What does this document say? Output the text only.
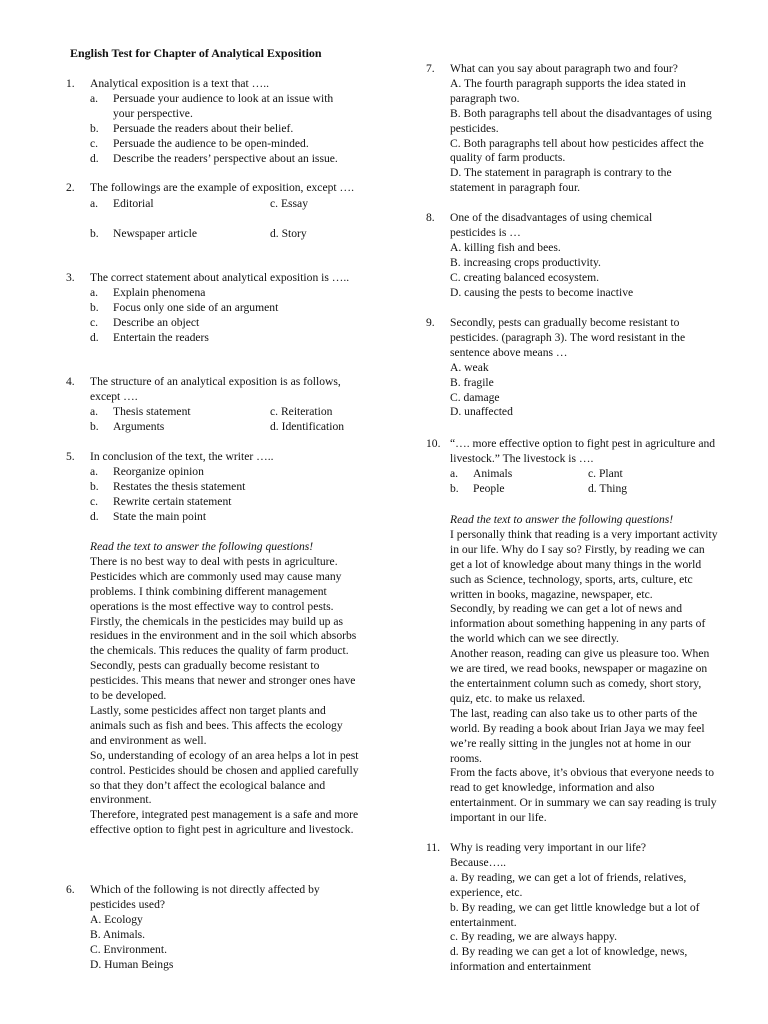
English Test for Chapter of Analytical Exposition
1. Analytical exposition is a text that …..
a. Persuade your audience to look at an issue with your perspective.
b. Persuade the readers about their belief.
c. Persuade the audience to be open-minded.
d. Describe the readers’ perspective about an issue.
2. The followings are the example of exposition, except ….
a. Editorial	c. Essay
b. Newspaper article	d. Story
3. The correct statement about analytical exposition is …..
a. Explain phenomena
b. Focus only one side of an argument
c. Describe an object
d. Entertain the readers
4. The structure of an analytical exposition is as follows, except ….
a. Thesis statement	c. Reiteration
b. Arguments	d. Identification
5. In conclusion of the text, the writer …..
a. Reorganize opinion
b. Restates the thesis statement
c. Rewrite certain statement
d. State the main point
Read the text to answer the following questions!
There is no best way to deal with pests in agriculture. Pesticides which are commonly used may cause many problems. I think combining different management operations is the most effective way to control pests.
Firstly, the chemicals in the pesticides may build up as residues in the environment and in the soil which absorbs the chemicals. This reduces the quality of farm product.
Secondly, pests can gradually become resistant to pesticides. This means that newer and stronger ones have to be developed.
Lastly, some pesticides affect non target plants and animals such as fish and bees. This affects the ecology and environment as well.
So, understanding of ecology of an area helps a lot in pest control. Pesticides should be chosen and applied carefully so that they don’t affect the ecological balance and environment.
Therefore, integrated pest management is a safe and more effective option to fight pest in agriculture and livestock.
6. Which of the following is not directly affected by pesticides used?
A. Ecology
B. Animals.
C. Environment.
D. Human Beings
7. What can you say about paragraph two and four?
A. The fourth paragraph supports the idea stated in paragraph two.
B. Both paragraphs tell about the disadvantages of using pesticides.
C. Both paragraphs tell about how pesticides affect the quality of farm products.
D. The statement in paragraph is contrary to the statement in paragraph four.
8. One of the disadvantages of using chemical pesticides is …
A. killing fish and bees.
B. increasing crops productivity.
C. creating balanced ecosystem.
D. causing the pests to become inactive
9. Secondly, pests can gradually become resistant to pesticides. (paragraph 3). The word resistant in the sentence above means …
A. weak
B. fragile
C. damage
D. unaffected
10. “…. more effective option to fight pest in agriculture and livestock.” The livestock is ….
a. Animals	c. Plant
b. People	d. Thing
Read the text to answer the following questions!
I personally think that reading is a very important activity in our life. Why do I say so? Firstly, by reading we can get a lot of knowledge about many things in the world such as Science, technology, sports, arts, culture, etc written in books, magazine, newspaper, etc.
Secondly, by reading we can get a lot of news and information about something happening in any parts of the world which can we see directly.
Another reason, reading can give us pleasure too. When we are tired, we read books, newspaper or magazine on the entertainment column such as comedy, short story, quiz, etc. to make us relaxed.
The last, reading can also take us to other parts of the world. By reading a book about Irian Jaya we may feel we’re really sitting in the jungles not at home in our rooms.
From the facts above, it’s obvious that everyone needs to read to get knowledge, information and also entertainment. Or in summary we can say reading is truly important in our life.
11. Why is reading very important in our life?
Because…..
a. By reading, we can get a lot of friends, relatives, experience, etc.
b. By reading, we can get little knowledge but a lot of entertainment.
c. By reading, we are always happy.
d. By reading we can get a lot of knowledge, news, information and entertainment
